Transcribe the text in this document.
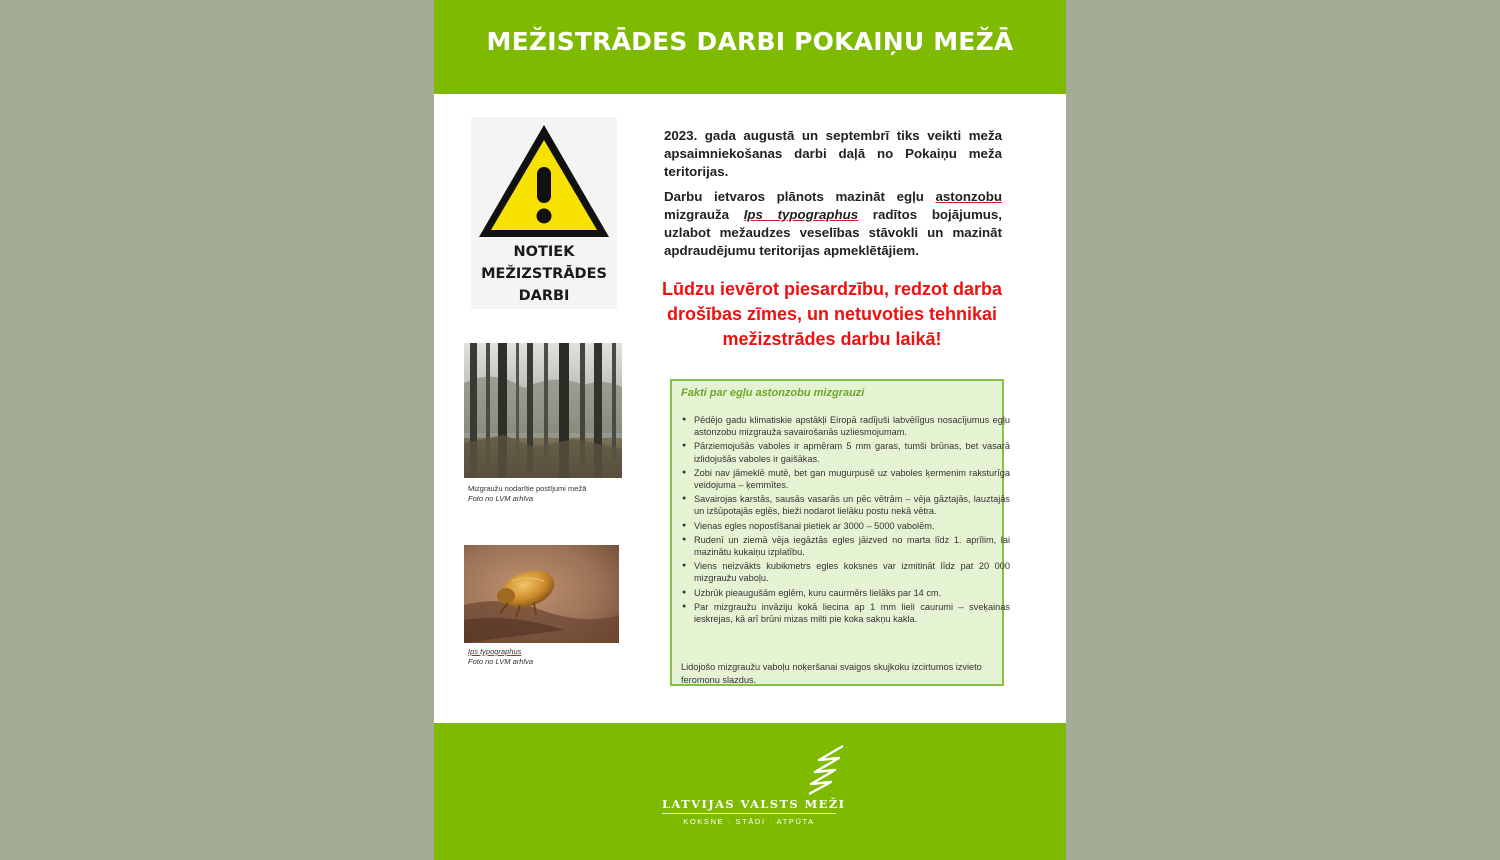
MEŽISTRĀDES DARBI POKAIŅU MEŽĀ
NOTIEK
MEŽIZSTRĀDES
DARBI
Mizgraužu nodarītie postījumi mežā
Foto no LVM arhīva
Ips typographus
Foto no LVM arhīva

2023. gada augustā un septembrī tiks veikti meža apsaimniekošanas darbi daļā no Pokaiņu meža teritorijas.

Darbu ietvaros plānots mazināt egļu astonzobu mizgrauža Ips typographus radītos bojājumus, uzlabot mežaudzes veselības stāvokli un mazināt apdraudējumu teritorijas apmeklētājiem.

Lūdzu ievērot piesardzību, redzot darba drošības zīmes, un netuvoties tehnikai mežizstrādes darbu laikā!
Fakti par egļu astonzobu mizgrauzi
● Pēdējo gadu klimatiskie apstākļi Eiropā radījuši labvēlīgus nosacījumus egļu astonzobu mizgrauža savairošanās uzliesmojumam.
● Pārziemojušās vaboles ir apmēram 5 mm garas, tumši brūnas, bet vasarā izlidojušās vaboles ir gaišākas.
● Zobi nav jāmeklē mutē, bet gan mugurpusē uz vaboles ķermenim raksturīga veidojuma – ķemmītes.
● Savairojas karstās, sausās vasarās un pēc vētrām – vēja gāztajās, lauztajās un izšūpotajās eglēs, bieži nodarot lielāku postu nekā vētra.
● Vienas egles nopostīšanai pietiek ar 3000 – 5000 vabolēm.
● Rudenī un ziemā vēja iegāztās egles jāizved no marta līdz 1. aprīlim, lai mazinātu kukaiņu izplatību.
● Viens neizvākts kubikmetrs egles koksnes var izmitināt līdz pat 20 000 mizgraužu vaboļu.
● Uzbrūk pieaugušām eglēm, kuru caurmērs lielāks par 14 cm.
● Par mizgraužu invāziju kokā liecina ap 1 mm lieli caurumi – sveķainas ieskrejas, kā arī brūni mizas milti pie koka sakņu kakla.
Lidojošo mizgraužu vaboļu noķeršanai svaigos skujkoku izcirtumos izvieto feromonu slazdus.
LATVIJAS VALSTS MEŽI
KOKSNE · STĀDI · ATPŪTA
